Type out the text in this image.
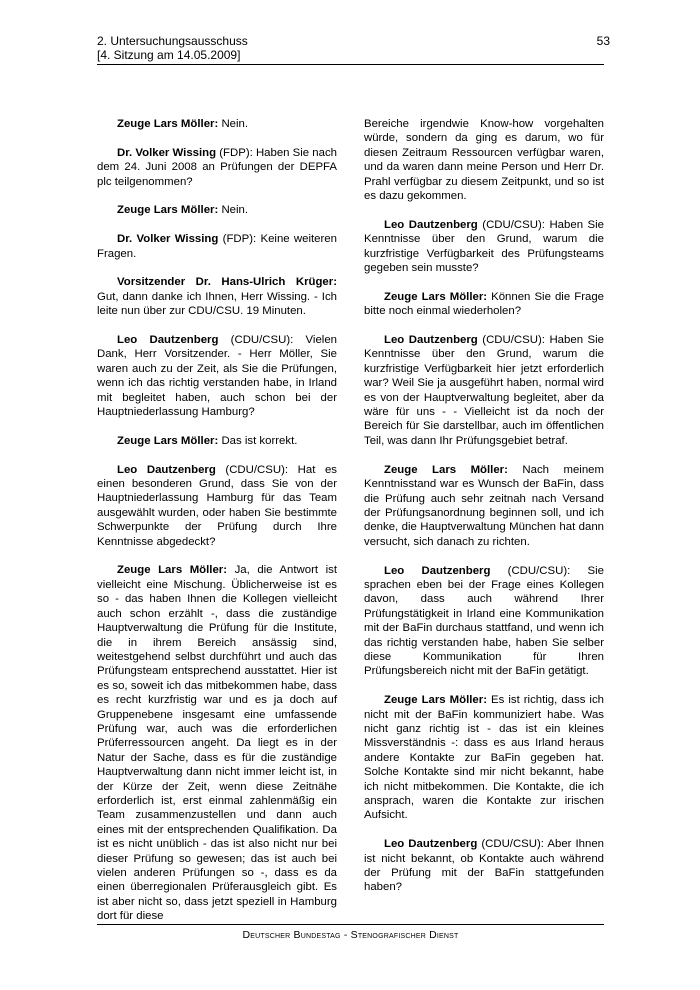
2. Untersuchungsausschuss
[4. Sitzung am 14.05.2009]
53

Zeuge Lars Möller: Nein.

Dr. Volker Wissing (FDP): Haben Sie nach dem 24. Juni 2008 an Prüfungen der DEPFA plc teilgenommen?

Zeuge Lars Möller: Nein.

Dr. Volker Wissing (FDP): Keine weiteren Fragen.

Vorsitzender Dr. Hans-Ulrich Krüger: Gut, dann danke ich Ihnen, Herr Wissing. - Ich leite nun über zur CDU/CSU. 19 Minuten.

Leo Dautzenberg (CDU/CSU): Vielen Dank, Herr Vorsitzender. - Herr Möller, Sie waren auch zu der Zeit, als Sie die Prüfungen, wenn ich das richtig verstanden habe, in Irland mit begleitet haben, auch schon bei der Hauptniederlassung Hamburg?

Zeuge Lars Möller: Das ist korrekt.

Leo Dautzenberg (CDU/CSU): Hat es einen besonderen Grund, dass Sie von der Hauptniederlassung Hamburg für das Team ausgewählt wurden, oder haben Sie bestimmte Schwerpunkte der Prüfung durch Ihre Kenntnisse abgedeckt?

Zeuge Lars Möller: Ja, die Antwort ist vielleicht eine Mischung. Üblicherweise ist es so - das haben Ihnen die Kollegen vielleicht auch schon erzählt -, dass die zuständige Hauptverwaltung die Prüfung für die Institute, die in ihrem Bereich ansässig sind, weitestgehend selbst durchführt und auch das Prüfungsteam entsprechend ausstattet. Hier ist es so, soweit ich das mitbekommen habe, dass es recht kurzfristig war und es ja doch auf Gruppenebene insgesamt eine umfassende Prüfung war, auch was die erforderlichen Prüferressourcen angeht. Da liegt es in der Natur der Sache, dass es für die zuständige Hauptverwaltung dann nicht immer leicht ist, in der Kürze der Zeit, wenn diese Zeitnähe erforderlich ist, erst einmal zahlenmäßig ein Team zusammenzustellen und dann auch eines mit der entsprechenden Qualifikation. Da ist es nicht unüblich - das ist also nicht nur bei dieser Prüfung so gewesen; das ist auch bei vielen anderen Prüfungen so -, dass es da einen überregionalen Prüferausgleich gibt. Es ist aber nicht so, dass jetzt speziell in Hamburg dort für diese

Bereiche irgendwie Know-how vorgehalten würde, sondern da ging es darum, wo für diesen Zeitraum Ressourcen verfügbar waren, und da waren dann meine Person und Herr Dr. Prahl verfügbar zu diesem Zeitpunkt, und so ist es dazu gekommen.

Leo Dautzenberg (CDU/CSU): Haben Sie Kenntnisse über den Grund, warum die kurzfristige Verfügbarkeit des Prüfungsteams gegeben sein musste?

Zeuge Lars Möller: Können Sie die Frage bitte noch einmal wiederholen?

Leo Dautzenberg (CDU/CSU): Haben Sie Kenntnisse über den Grund, warum die kurzfristige Verfügbarkeit hier jetzt erforderlich war? Weil Sie ja ausgeführt haben, normal wird es von der Hauptverwaltung begleitet, aber da wäre für uns - - Vielleicht ist da noch der Bereich für Sie darstellbar, auch im öffentlichen Teil, was dann Ihr Prüfungsgebiet betraf.

Zeuge Lars Möller: Nach meinem Kenntnisstand war es Wunsch der BaFin, dass die Prüfung auch sehr zeitnah nach Versand der Prüfungsanordnung beginnen soll, und ich denke, die Hauptverwaltung München hat dann versucht, sich danach zu richten.

Leo Dautzenberg (CDU/CSU): Sie sprachen eben bei der Frage eines Kollegen davon, dass auch während Ihrer Prüfungstätigkeit in Irland eine Kommunikation mit der BaFin durchaus stattfand, und wenn ich das richtig verstanden habe, haben Sie selber diese Kommunikation für Ihren Prüfungsbereich nicht mit der BaFin getätigt.

Zeuge Lars Möller: Es ist richtig, dass ich nicht mit der BaFin kommuniziert habe. Was nicht ganz richtig ist - das ist ein kleines Missverständnis -: dass es aus Irland heraus andere Kontakte zur BaFin gegeben hat. Solche Kontakte sind mir nicht bekannt, habe ich nicht mitbekommen. Die Kontakte, die ich ansprach, waren die Kontakte zur irischen Aufsicht.

Leo Dautzenberg (CDU/CSU): Aber Ihnen ist nicht bekannt, ob Kontakte auch während der Prüfung mit der BaFin stattgefunden haben?

Deutscher Bundestag - Stenografischer Dienst
